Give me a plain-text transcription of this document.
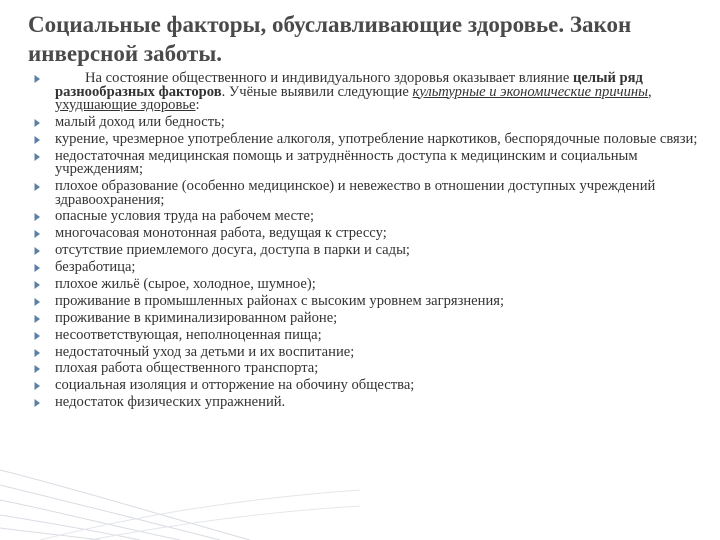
Социальные факторы, обуславливающие здоровье. Закон
инверсной заботы.
На состояние общественного и индивидуального здоровья оказывает влияние целый ряд разнообразных факторов. Учёные выявили следующие культурные и экономические причины, ухудшающие здоровье:
малый доход или бедность;
курение, чрезмерное употребление алкоголя, употребление наркотиков, беспорядочные половые связи;
недостаточная медицинская помощь и затруднённость доступа к медицинским и социальным учреждениям;
плохое образование (особенно медицинское) и невежество в отношении доступных учреждений здравоохранения;
опасные условия труда на рабочем месте;
многочасовая монотонная работа, ведущая к стрессу;
отсутствие приемлемого досуга, доступа в парки и сады;
безработица;
плохое жильё (сырое, холодное, шумное);
проживание в промышленных районах с высоким уровнем загрязнения;
проживание в криминализированном районе;
несоответствующая, неполноценная пища;
недостаточный уход за детьми и их воспитание;
плохая работа общественного транспорта;
социальная изоляция и отторжение на обочину общества;
недостаток физических упражнений.
